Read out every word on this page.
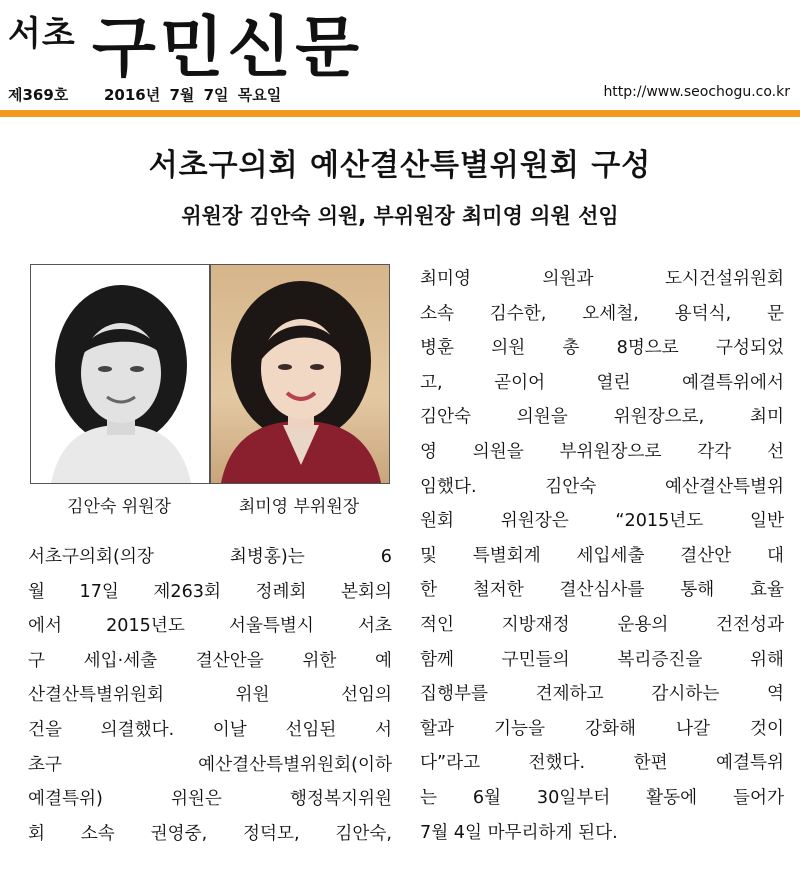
서초 구민신문
제369호 2016년 7월 7일 목요일	http://www.seochogu.co.kr
서초구의회 예산결산특별위원회 구성
위원장 김안숙 의원, 부위원장 최미영 의원 선임
김안숙 위원장	최미영 부위원장
서초구의회(의장 최병홍)는 6
월 17일 제263회 정례회 본회의
에서 2015년도 서울특별시 서초
구 세입·세출 결산안을 위한 예
산결산특별위원회 위원 선임의
건을 의결했다. 이날 선임된 서
초구 예산결산특별위원회(이하
예결특위) 위원은 행정복지위원
회 소속 권영중, 정덕모, 김안숙,
최미영 의원과 도시건설위원회
소속 김수한, 오세철, 용덕식, 문
병훈 의원 총 8명으로 구성되었
고, 곧이어 열린 예결특위에서
김안숙 의원을 위원장으로, 최미
영 의원을 부위원장으로 각각 선
임했다. 김안숙 예산결산특별위
원회 위원장은 “2015년도 일반
및 특별회계 세입세출 결산안 대
한 철저한 결산심사를 통해 효율
적인 지방재정 운용의 건전성과
함께 구민들의 복리증진을 위해
집행부를 견제하고 감시하는 역
할과 기능을 강화해 나갈 것이
다”라고 전했다. 한편 예결특위
는 6월 30일부터 활동에 들어가
7월 4일 마무리하게 된다.
